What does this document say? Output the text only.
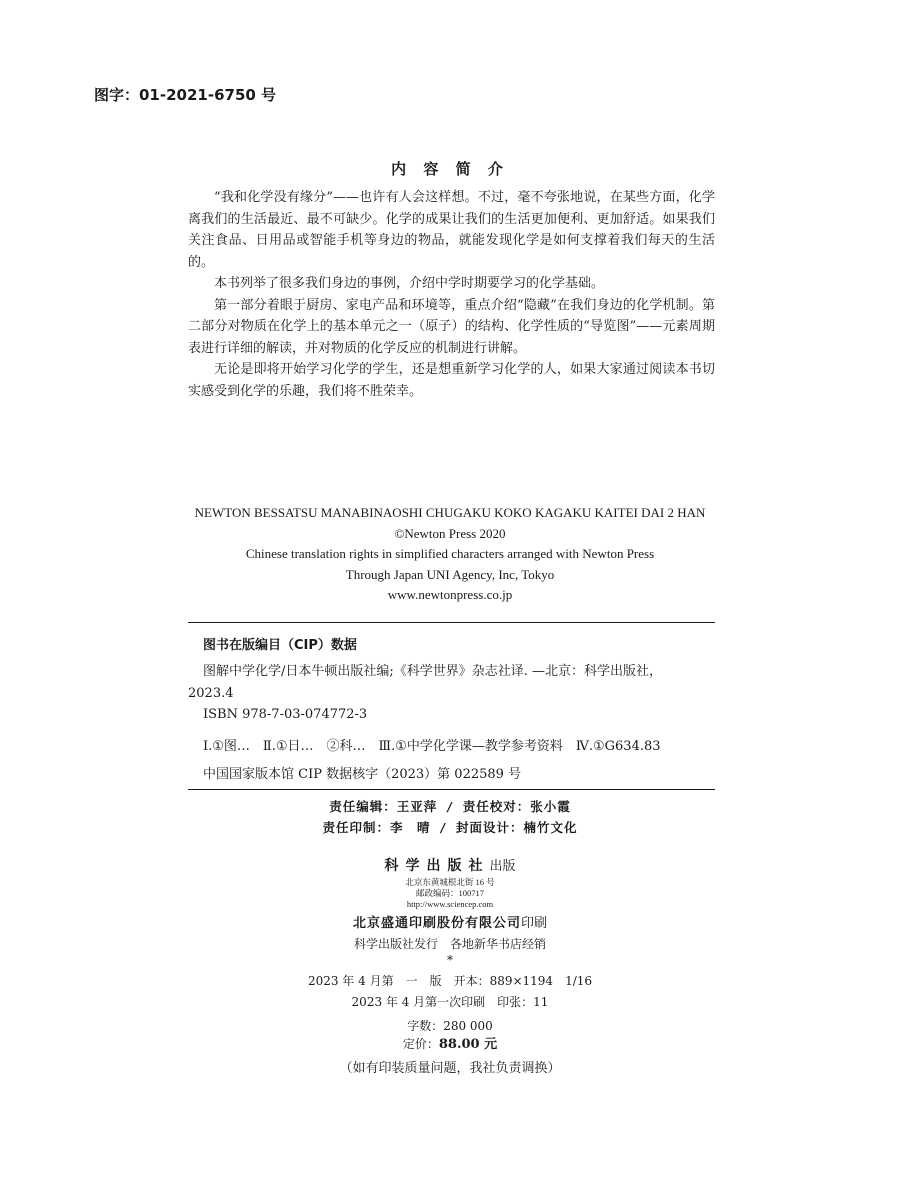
图字：01-2021-6750 号
内 容 简 介

“我和化学没有缘分”——也许有人会这样想。不过，毫不夸张地说，在某些方面，化学离我们的生活最近、最不可缺少。化学的成果让我们的生活更加便利、更加舒适。如果我们关注食品、日用品或智能手机等身边的物品，就能发现化学是如何支撑着我们每天的生活的。

本书列举了很多我们身边的事例，介绍中学时期要学习的化学基础。

第一部分着眼于厨房、家电产品和环境等，重点介绍“隐藏”在我们身边的化学机制。第二部分对物质在化学上的基本单元之一（原子）的结构、化学性质的“导览图”——元素周期表进行详细的解读，并对物质的化学反应的机制进行讲解。

无论是即将开始学习化学的学生，还是想重新学习化学的人，如果大家通过阅读本书切实感受到化学的乐趣，我们将不胜荣幸。

NEWTON BESSATSU MANABINAOSHI CHUGAKU KOKO KAGAKU KAITEI DAI 2 HAN
©Newton Press 2020
Chinese translation rights in simplified characters arranged with Newton Press
Through Japan UNI Agency, Inc, Tokyo
www.newtonpress.co.jp
图书在版编目（CIP）数据
图解中学化学/日本牛顿出版社编;《科学世界》杂志社译. —北京：科学出版社，
2023.4
ISBN 978-7-03-074772-3
Ⅰ.①图…　Ⅱ.①日…　②科…　Ⅲ.①中学化学课—教学参考资料　Ⅳ.①G634.83
中国国家版本馆 CIP 数据核字（2023）第 022589 号
责任编辑：王亚萍 / 责任校对：张小霞
责任印制：李　晴 / 封面设计：楠竹文化
科学出版社出版
北京东黄城根北街 16 号
邮政编码：100717
http://www.sciencep.com
北京盛通印刷股份有限公司印刷
科学出版社发行　各地新华书店经销
*
2023 年 4 月第　一　版　开本：889×1194　1/16
2023 年 4 月第一次印刷　印张：11
字数：280 000
定价：88.00 元
（如有印装质量问题，我社负责调换）
